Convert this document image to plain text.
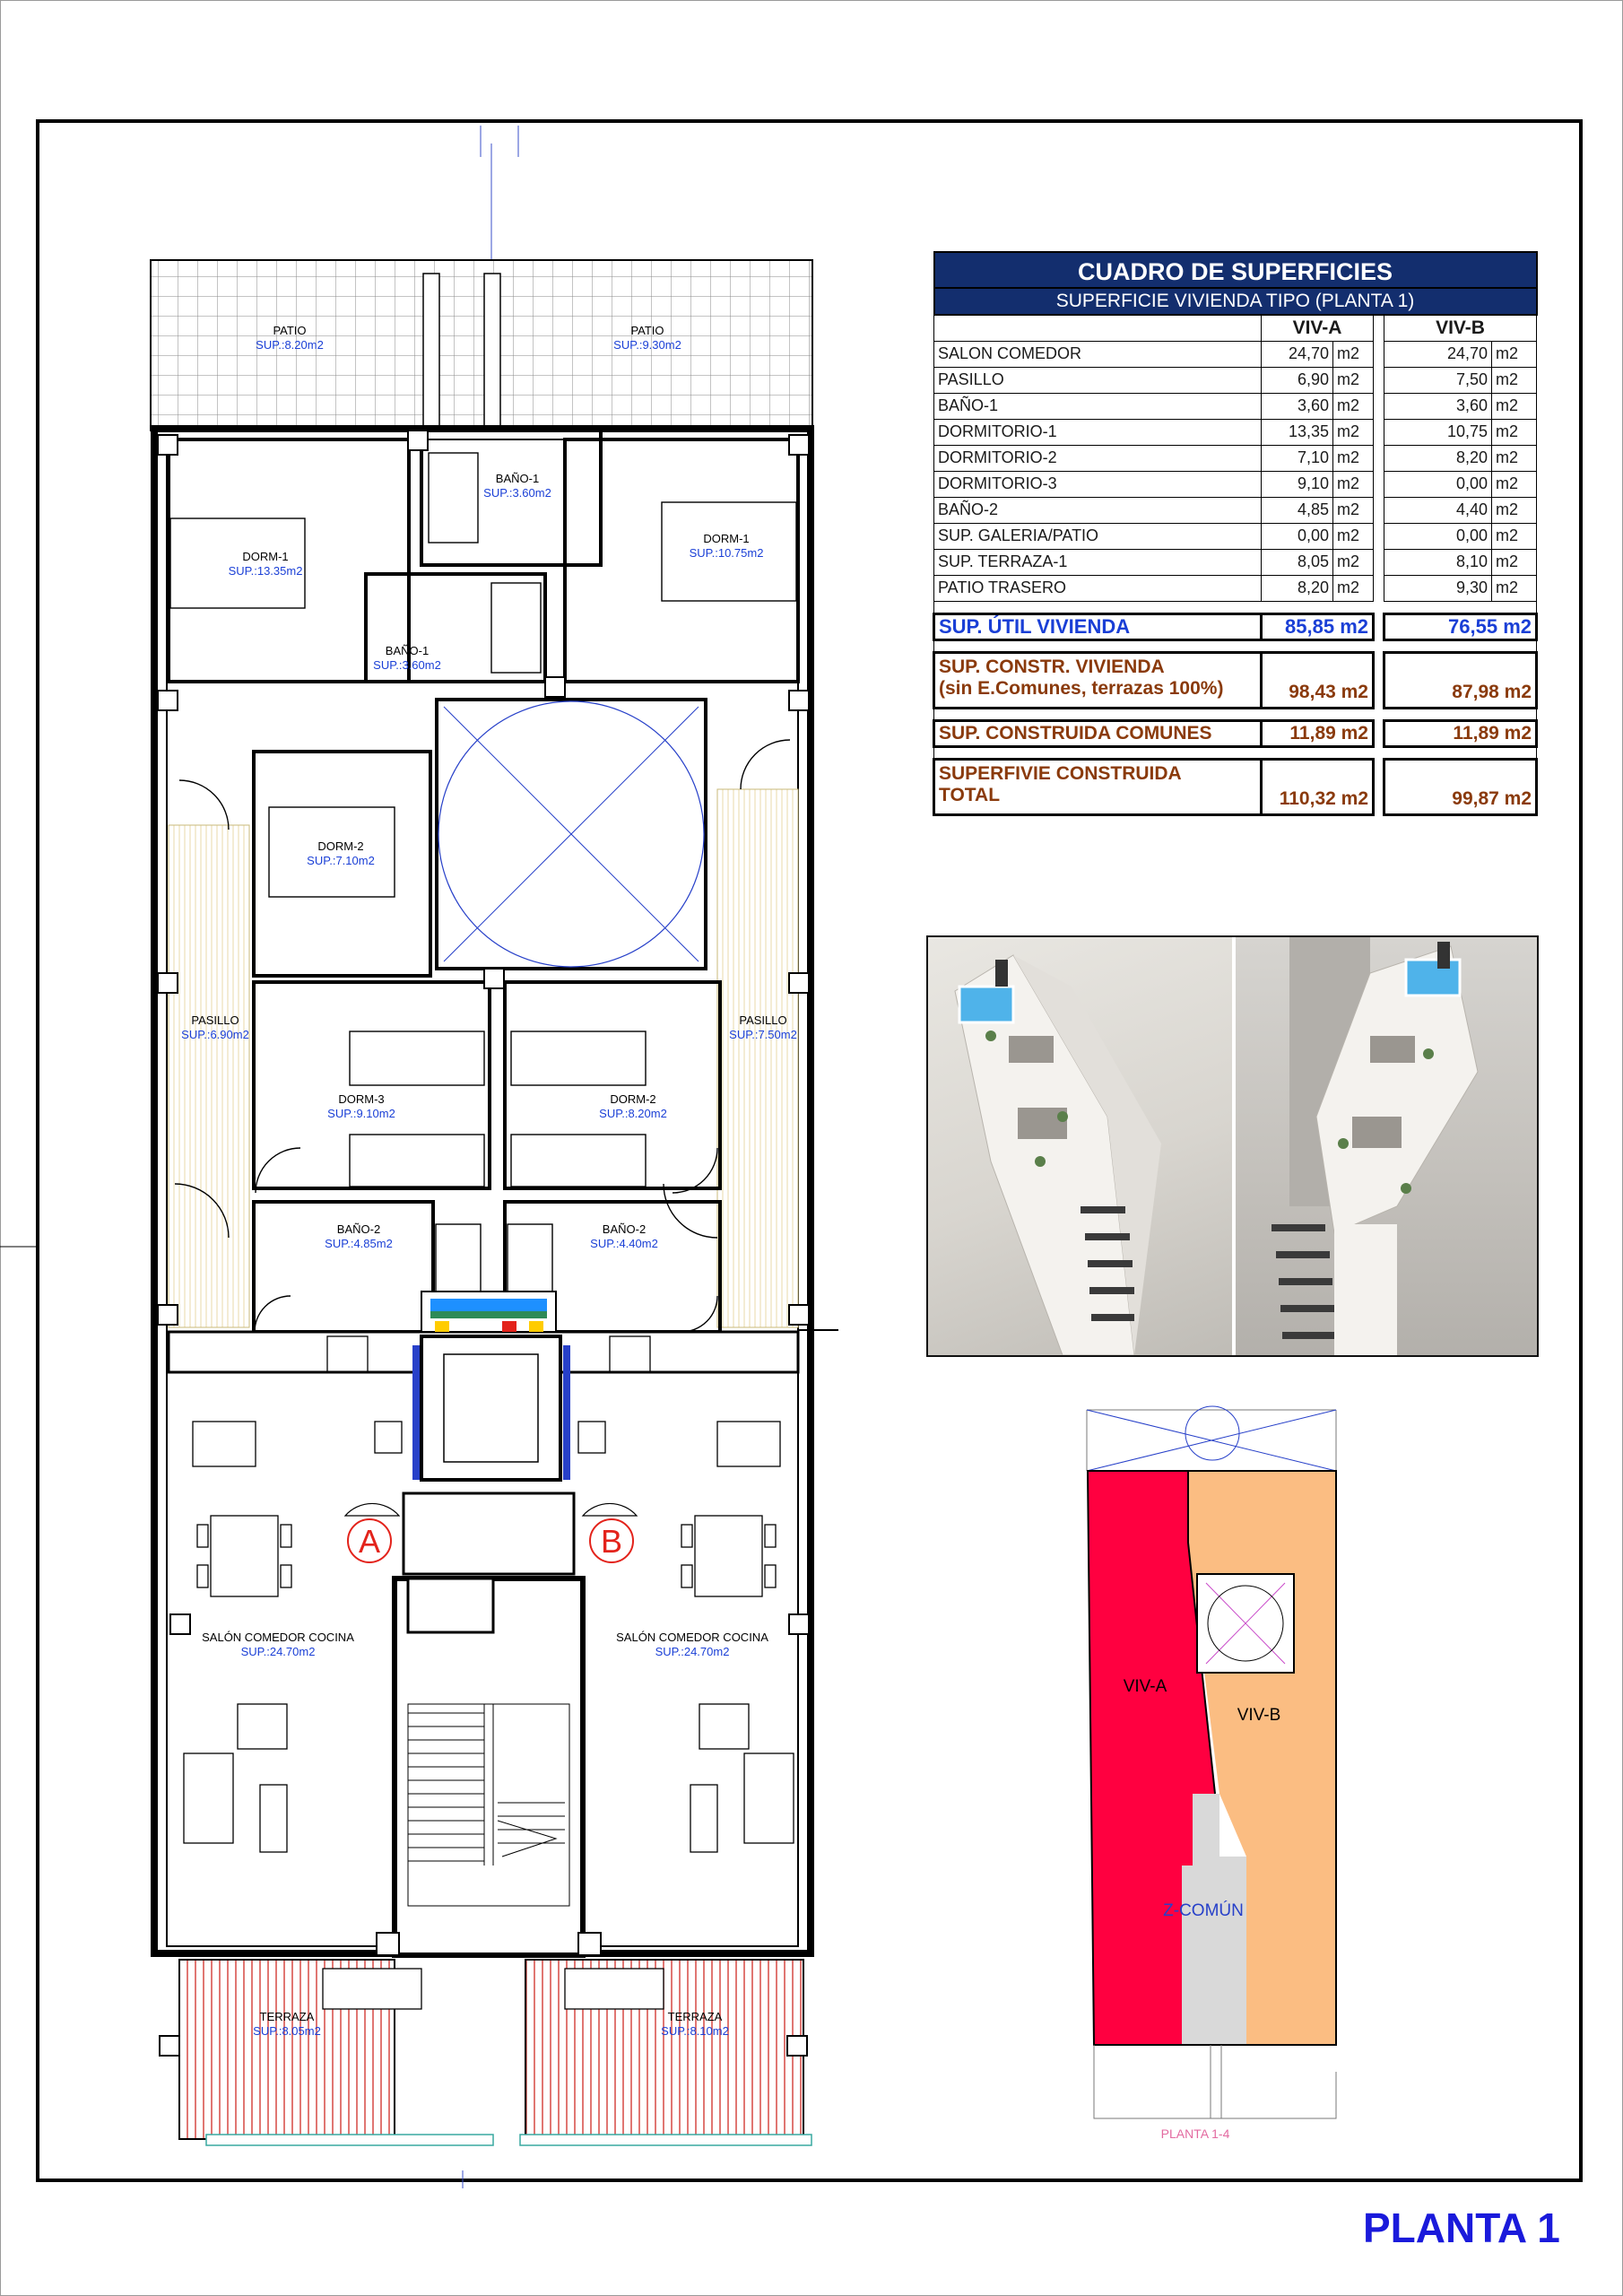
A	B
PATIO
SUP.:8.20m2
PATIO
SUP.:9.30m2
BAÑO-1
SUP.:3.60m2
DORM-1
SUP.:13.35m2
DORM-1
SUP.:10.75m2
BAÑO-1
SUP.:3.60m2
DORM-2
SUP.:7.10m2
PASILLO
SUP.:6.90m2
PASILLO
SUP.:7.50m2
DORM-3
SUP.:9.10m2
DORM-2
SUP.:8.20m2
BAÑO-2
SUP.:4.85m2
BAÑO-2
SUP.:4.40m2
SALÓN COMEDOR COCINA
SUP.:24.70m2
SALÓN COMEDOR COCINA
SUP.:24.70m2
TERRAZA
SUP.:8.05m2
TERRAZA
SUP.:8.10m2
CUADRO DE SUPERFICIES					
SUPERFICIE VIVIENDA TIPO (PLANTA 1)					
	VIV-A			VIV-B	
SALON COMEDOR	24,70	m2		24,70	m2
PASILLO	6,90	m2		7,50	m2
BAÑO-1	3,60	m2		3,60	m2
DORMITORIO-1	13,35	m2		10,75	m2
DORMITORIO-2	7,10	m2		8,20	m2
DORMITORIO-3	9,10	m2		0,00	m2
BAÑO-2	4,85	m2		4,40	m2
SUP. GALERIA/PATIO	0,00	m2		0,00	m2
SUP. TERRAZA-1	8,05	m2		8,10	m2
PATIO TRASERO	8,20	m2		9,30	m2

SUP. ÚTIL VIVIENDA	85,85 m2			76,55 m2	

SUP. CONSTR. VIVIENDA
(sin E.Comunes, terrazas 100%)	98,43 m2			87,98 m2	

SUP. CONSTRUIDA COMUNES	11,89 m2			11,89 m2	

SUPERFIVIE CONSTRUIDA
TOTAL	110,32 m2			99,87 m2	
VIV-A
VIV-B
Z-COMÚN
PLANTA 1-4
PLANTA 1
